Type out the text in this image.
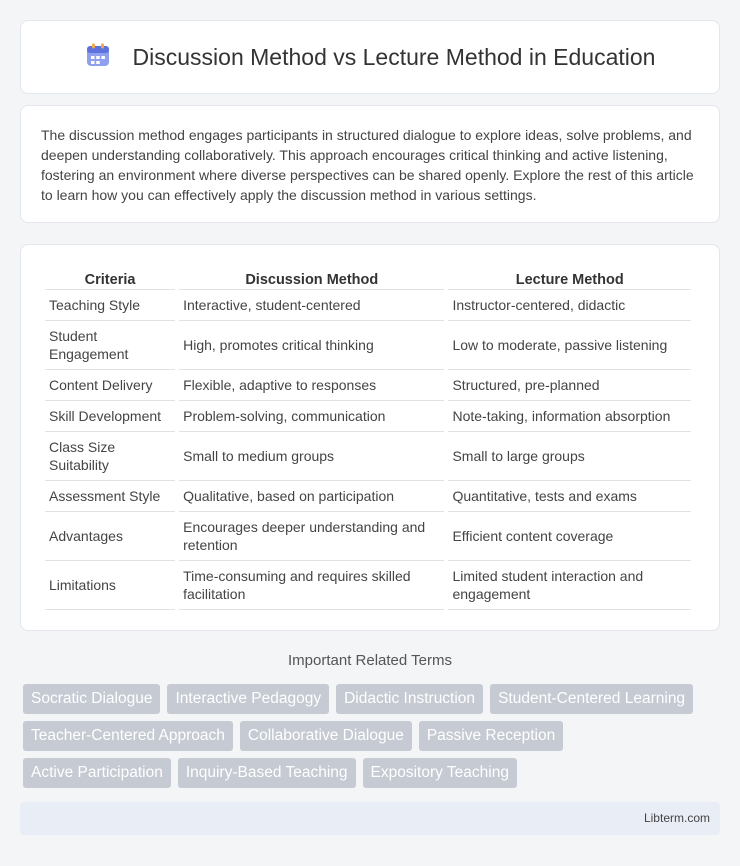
Discussion Method vs Lecture Method in Education

The discussion method engages participants in structured dialogue to explore ideas, solve problems, and deepen understanding collaboratively. This approach encourages critical thinking and active listening, fostering an environment where diverse perspectives can be shared openly. Explore the rest of this article to learn how you can effectively apply the discussion method in various settings.

Criteria	Discussion Method	Lecture Method
Teaching Style	Interactive, student-centered	Instructor-centered, didactic
Student Engagement	High, promotes critical thinking	Low to moderate, passive listening
Content Delivery	Flexible, adaptive to responses	Structured, pre-planned
Skill Development	Problem-solving, communication	Note-taking, information absorption
Class Size Suitability	Small to medium groups	Small to large groups
Assessment Style	Qualitative, based on participation	Quantitative, tests and exams
Advantages	Encourages deeper understanding and retention	Efficient content coverage
Limitations	Time-consuming and requires skilled facilitation	Limited student interaction and engagement
Important Related Terms
Socratic Dialogue	Interactive Pedagogy	Didactic Instruction	Student-Centered Learning
Teacher-Centered Approach	Collaborative Dialogue	Passive Reception
Active Participation	Inquiry-Based Teaching	Expository Teaching
Libterm.com
